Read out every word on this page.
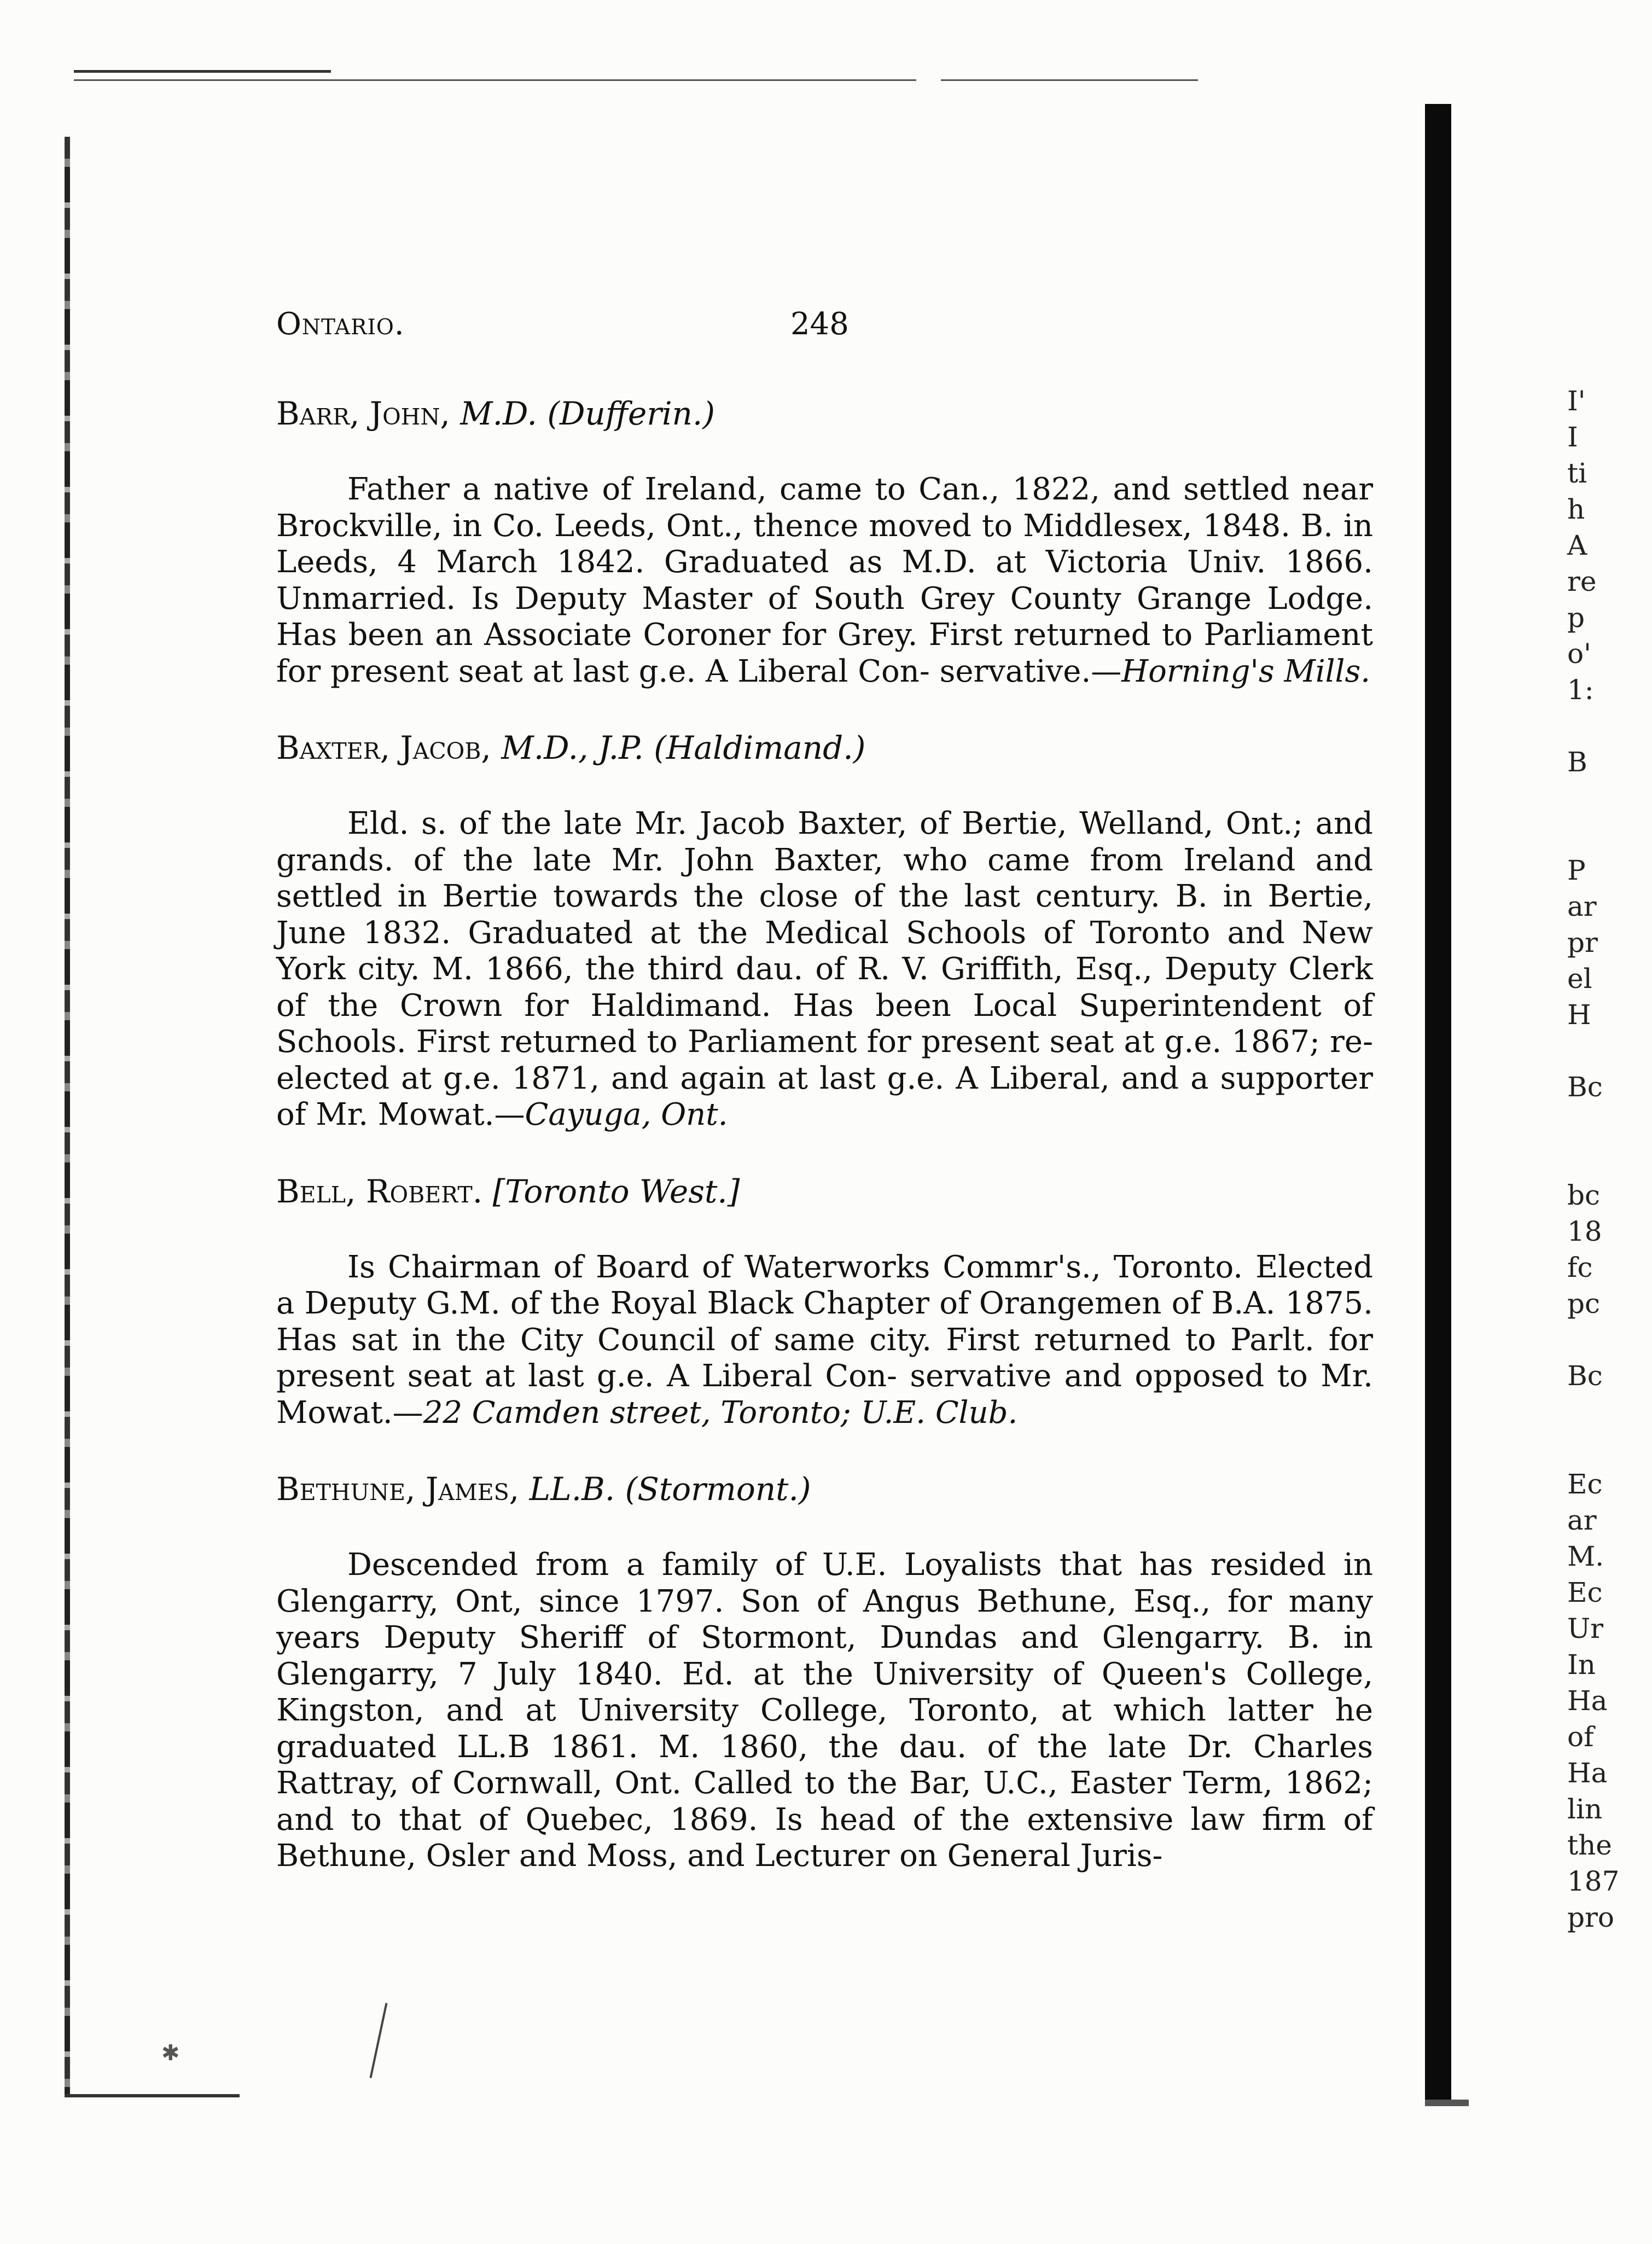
✱
Ontario.	248

Barr, John, M.D. (Dufferin.)

Father a native of Ireland, came to Can., 1822, and settled near Brockville, in Co. Leeds, Ont., thence moved to Middlesex, 1848. B. in Leeds, 4 March 1842. Graduated as M.D. at Victoria Univ. 1866. Unmarried. Is Deputy Master of South Grey County Grange Lodge. Has been an Associate Coroner for Grey. First returned to Parliament for present seat at last g.e. A Liberal Con- servative.—Horning's Mills.

Baxter, Jacob, M.D., J.P. (Haldimand.)

Eld. s. of the late Mr. Jacob Baxter, of Bertie, Welland, Ont.; and grands. of the late Mr. John Baxter, who came from Ireland and settled in Bertie towards the close of the last century. B. in Bertie, June 1832. Graduated at the Medical Schools of Toronto and New York city. M. 1866, the third dau. of R. V. Griffith, Esq., Deputy Clerk of the Crown for Haldimand. Has been Local Superintendent of Schools. First returned to Parliament for present seat at g.e. 1867; re-elected at g.e. 1871, and again at last g.e. A Liberal, and a supporter of Mr. Mowat.—Cayuga, Ont.

Bell, Robert. [Toronto West.]

Is Chairman of Board of Waterworks Commr's., Toronto. Elected a Deputy G.M. of the Royal Black Chapter of Orangemen of B.A. 1875. Has sat in the City Council of same city. First returned to Parlt. for present seat at last g.e. A Liberal Con- servative and opposed to Mr. Mowat.—22 Camden street, Toronto; U.E. Club.

Bethune, James, LL.B. (Stormont.)

Descended from a family of U.E. Loyalists that has resided in Glengarry, Ont, since 1797. Son of Angus Bethune, Esq., for many years Deputy Sheriff of Stormont, Dundas and Glengarry. B. in Glengarry, 7 July 1840. Ed. at the University of Queen's College, Kingston, and at University College, Toronto, at which latter he graduated LL.B 1861. M. 1860, the dau. of the late Dr. Charles Rattray, of Cornwall, Ont. Called to the Bar, U.C., Easter Term, 1862; and to that of Quebec, 1869. Is head of the extensive law firm of Bethune, Osler and Moss, and Lecturer on General Juris-

I'
I
ti
h
A
re
p
o'
1:

B

P
ar
pr
el
H

Bc

bc
18
fc
pc

Bc

Ec
ar
M.
Ec
Ur
In
Ha
of
Ha
lin
the
187
pro
